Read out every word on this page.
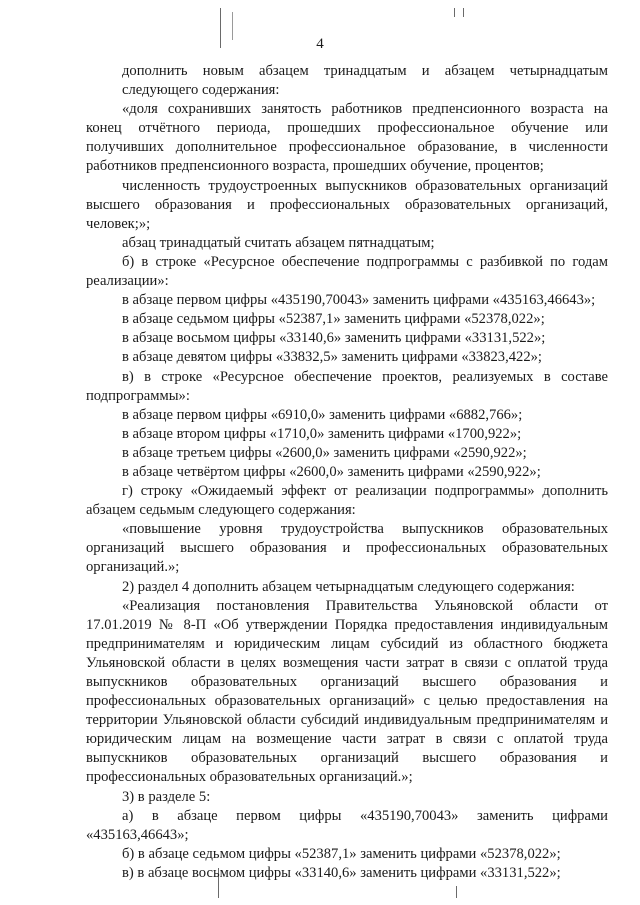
4

дополнить новым абзацем тринадцатым и абзацем четырнадцатым следующего содержания:

«доля сохранивших занятость работников предпенсионного возраста на конец отчётного периода, прошедших профессиональное обучение или получивших дополнительное профессиональное образование, в численности работников предпенсионного возраста, прошедших обучение, процентов;

численность трудоустроенных выпускников образовательных организаций высшего образования и профессиональных образовательных организаций, человек;»;

абзац тринадцатый считать абзацем пятнадцатым;

б) в строке «Ресурсное обеспечение подпрограммы с разбивкой по годам реализации»:

в абзаце первом цифры «435190,70043» заменить цифрами «435163,46643»;

в абзаце седьмом цифры «52387,1» заменить цифрами «52378,022»;

в абзаце восьмом цифры «33140,6» заменить цифрами «33131,522»;

в абзаце девятом цифры «33832,5» заменить цифрами «33823,422»;

в) в строке «Ресурсное обеспечение проектов, реализуемых в составе подпрограммы»:

в абзаце первом цифры «6910,0» заменить цифрами «6882,766»;

в абзаце втором цифры «1710,0» заменить цифрами «1700,922»;

в абзаце третьем цифры «2600,0» заменить цифрами «2590,922»;

в абзаце четвёртом цифры «2600,0» заменить цифрами «2590,922»;

г) строку «Ожидаемый эффект от реализации подпрограммы» дополнить абзацем седьмым следующего содержания:

«повышение уровня трудоустройства выпускников образовательных организаций высшего образования и профессиональных образовательных организаций.»;

2) раздел 4 дополнить абзацем четырнадцатым следующего содержания:

«Реализация постановления Правительства Ульяновской области от 17.01.2019 № 8-П «Об утверждении Порядка предоставления индивидуальным предпринимателям и юридическим лицам субсидий из областного бюджета Ульяновской области в целях возмещения части затрат в связи с оплатой труда выпускников образовательных организаций высшего образования и профессиональных образовательных организаций» с целью предоставления на территории Ульяновской области субсидий индивидуальным предпринимателям и юридическим лицам на возмещение части затрат в связи с оплатой труда выпускников образовательных организаций высшего образования и профессиональных образовательных организаций.»;

3) в разделе 5:

а) в абзаце первом цифры «435190,70043» заменить цифрами «435163,46643»;

б) в абзаце седьмом цифры «52387,1» заменить цифрами «52378,022»;

в) в абзаце восьмом цифры «33140,6» заменить цифрами «33131,522»;
